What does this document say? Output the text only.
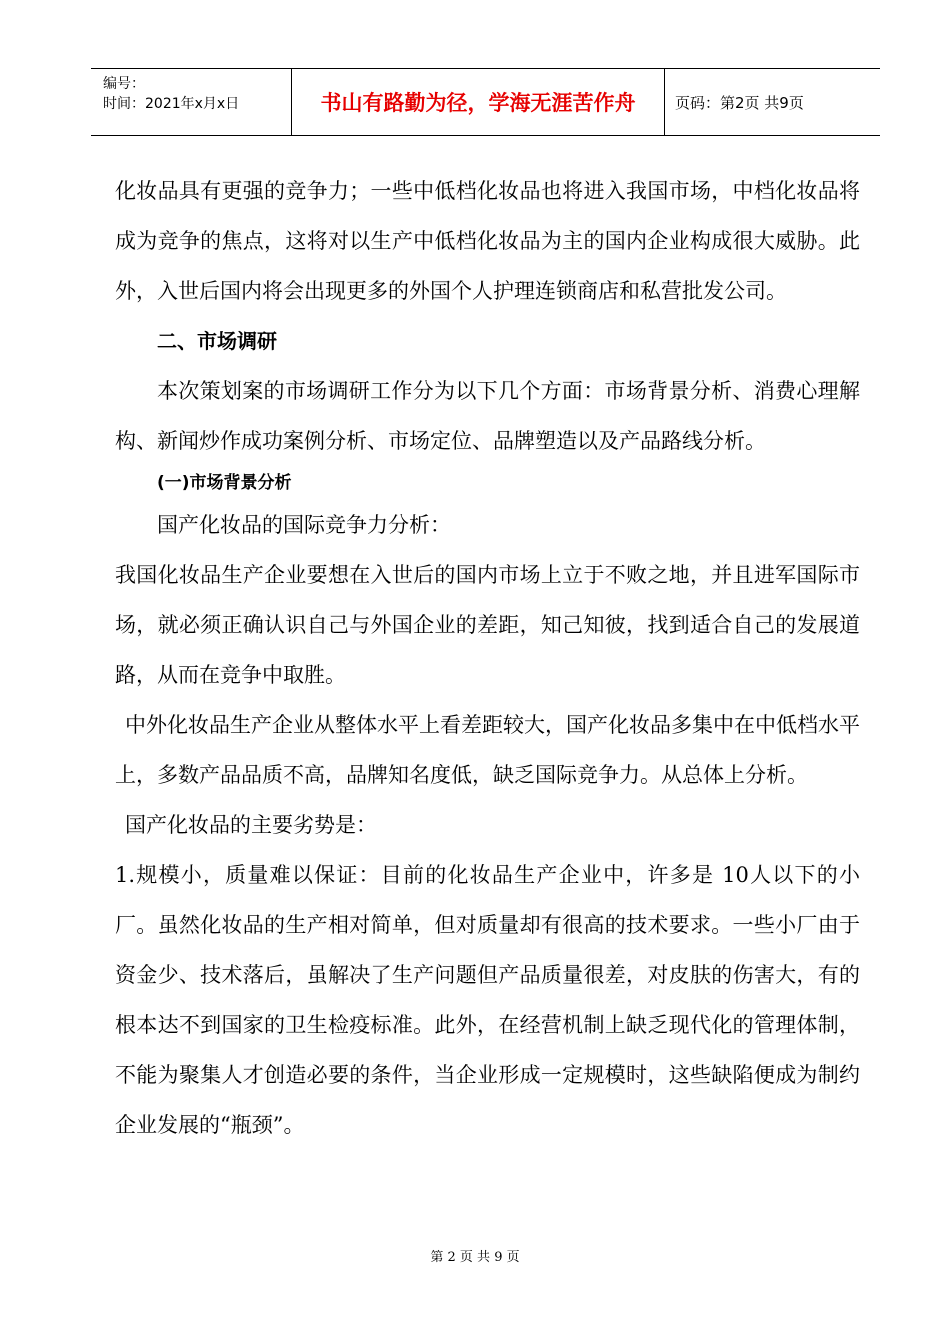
编号：
时间：2021年x月x日	书山有路勤为径，学海无涯苦作舟	页码：第2页 共9页

化妆品具有更强的竞争力；一些中低档化妆品也将进入我国市场，中档化妆品将成为竞争的焦点，这将对以生产中低档化妆品为主的国内企业构成很大威胁。此外，入世后国内将会出现更多的外国个人护理连锁商店和私营批发公司。

二、市场调研

本次策划案的市场调研工作分为以下几个方面：市场背景分析、消费心理解构、新闻炒作成功案例分析、市场定位、品牌塑造以及产品路线分析。

(一)市场背景分析

国产化妆品的国际竞争力分析：

我国化妆品生产企业要想在入世后的国内市场上立于不败之地，并且进军国际市场，就必须正确认识自己与外国企业的差距，知己知彼，找到适合自己的发展道路，从而在竞争中取胜。

中外化妆品生产企业从整体水平上看差距较大，国产化妆品多集中在中低档水平上，多数产品品质不高，品牌知名度低，缺乏国际竞争力。从总体上分析。

国产化妆品的主要劣势是：

1.规模小，质量难以保证：目前的化妆品生产企业中，许多是 10人以下的小厂。虽然化妆品的生产相对简单，但对质量却有很高的技术要求。一些小厂由于资金少、技术落后，虽解决了生产问题但产品质量很差，对皮肤的伤害大，有的根本达不到国家的卫生检疫标准。此外，在经营机制上缺乏现代化的管理体制，不能为聚集人才创造必要的条件，当企业形成一定规模时，这些缺陷便成为制约企业发展的“瓶颈”。

第 2 页 共 9 页
